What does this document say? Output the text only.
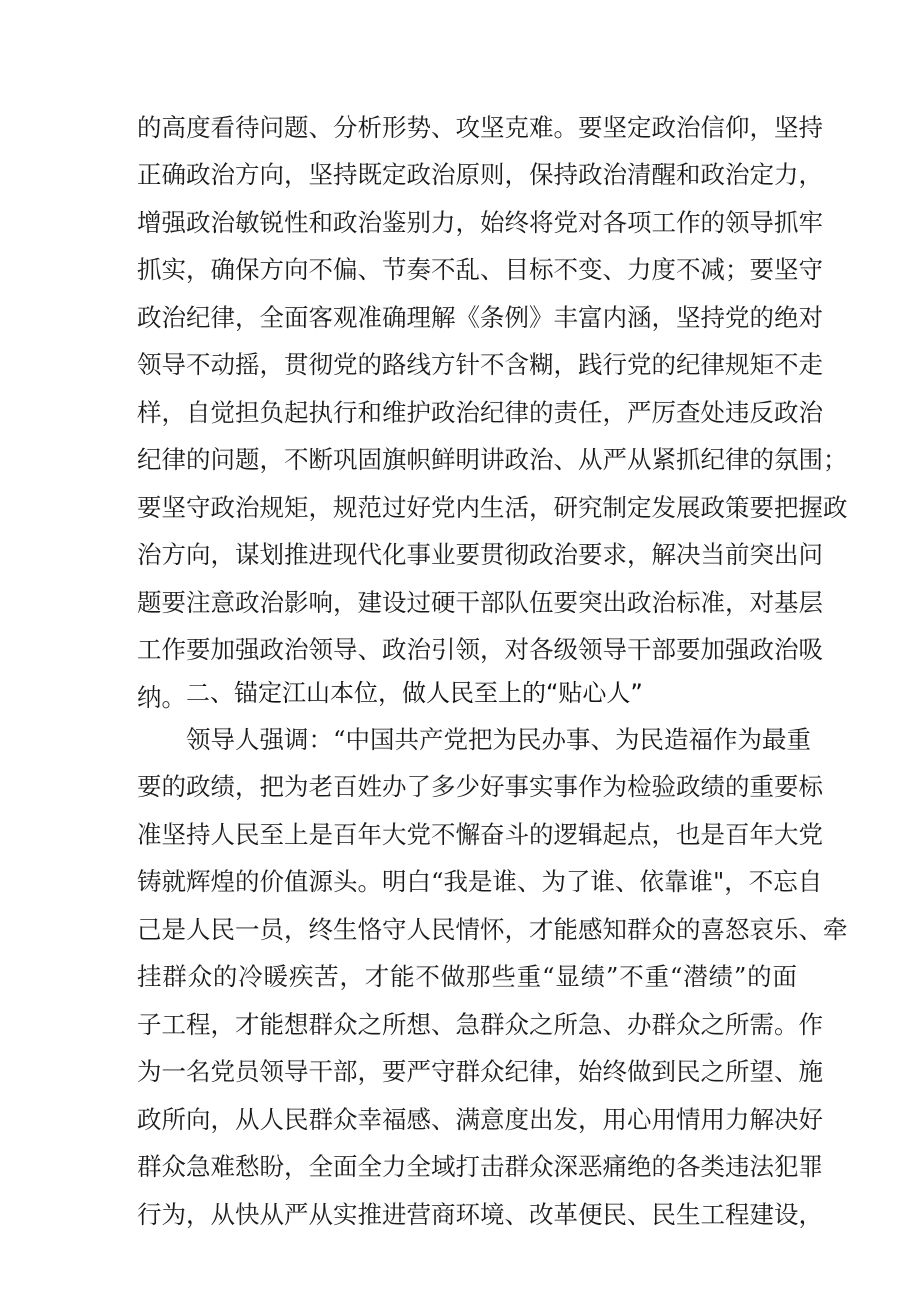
的高度看待问题、分析形势、攻坚克难。要坚定政治信仰，坚持
正确政治方向，坚持既定政治原则，保持政治清醒和政治定力，
增强政治敏锐性和政治鉴别力，始终将党对各项工作的领导抓牢
抓实，确保方向不偏、节奏不乱、目标不变、力度不减；要坚守
政治纪律，全面客观准确理解《条例》丰富内涵，坚持党的绝对
领导不动摇，贯彻党的路线方针不含糊，践行党的纪律规矩不走
样，自觉担负起执行和维护政治纪律的责任，严厉查处违反政治
纪律的问题，不断巩固旗帜鲜明讲政治、从严从紧抓纪律的氛围；
要坚守政治规矩，规范过好党内生活，研究制定发展政策要把握政
治方向，谋划推进现代化事业要贯彻政治要求，解决当前突出问
题要注意政治影响，建设过硬干部队伍要突出政治标准，对基层
工作要加强政治领导、政治引领，对各级领导干部要加强政治吸
纳。 二、锚定江山本位，做人民至上的“贴心人”
领导人强调：“中国共产党把为民办事、为民造福作为最重
要的政绩，把为老百姓办了多少好事实事作为检验政绩的重要标
准坚持人民至上是百年大党不懈奋斗的逻辑起点，也是百年大党
铸就辉煌的价值源头。明白“我是谁、为了谁、依靠谁"，不忘自
己是人民一员，终生恪守人民情怀，才能感知群众的喜怒哀乐、牵
挂群众的冷暖疾苦，才能不做那些重“显绩”不重“潜绩”的面
子工程，才能想群众之所想、急群众之所急、办群众之所需。作
为一名党员领导干部，要严守群众纪律，始终做到民之所望、施
政所向，从人民群众幸福感、满意度出发，用心用情用力解决好
群众急难愁盼，全面全力全域打击群众深恶痛绝的各类违法犯罪
行为，从快从严从实推进营商环境、改革便民、民生工程建设，
